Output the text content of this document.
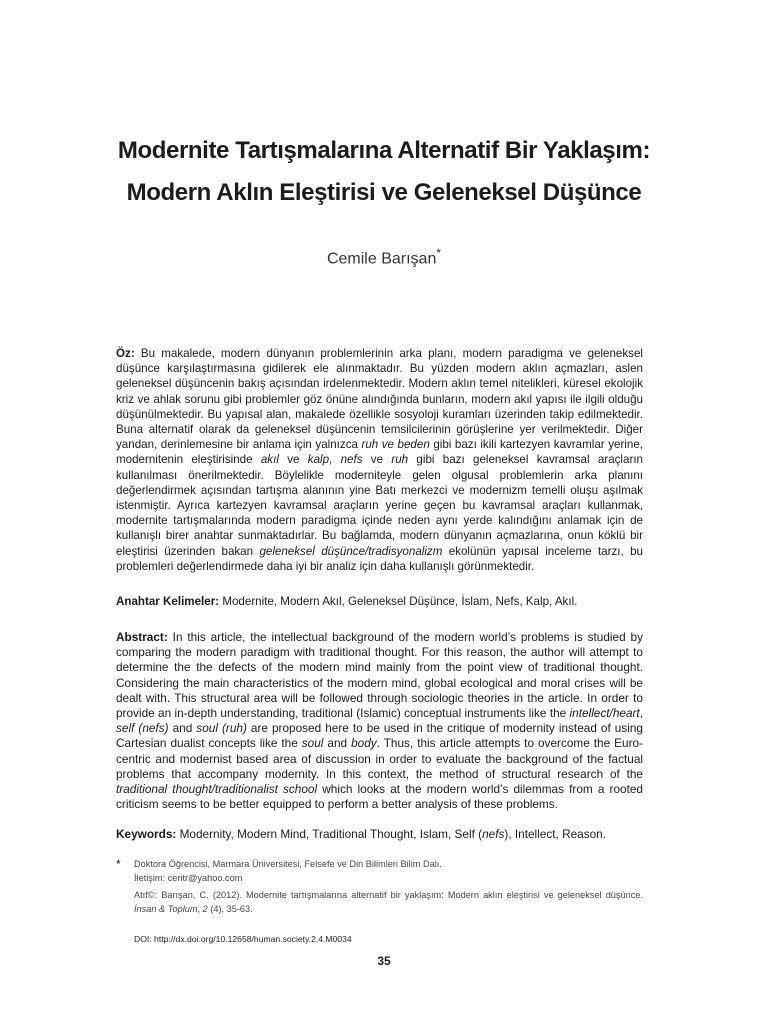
Modernite Tartışmalarına Alternatif Bir Yaklaşım:
Modern Aklın Eleştirisi ve Geleneksel Düşünce
Cemile Barışan*
Öz: Bu makalede, modern dünyanın problemlerinin arka planı, modern paradigma ve geleneksel düşünce karşılaştırmasına gidilerek ele alınmaktadır. Bu yüzden modern aklın açmazları, aslen geleneksel düşüncenin bakış açısından irdelenmektedir. Modern aklın temel nitelikleri, küresel ekolojik kriz ve ahlak sorunu gibi problemler göz önüne alındığında bunların, modern akıl yapısı ile ilgili olduğu düşünülmektedir. Bu yapısal alan, makalede özellikle sosyoloji kuramları üzerinden takip edilmektedir. Buna alternatif olarak da geleneksel düşüncenin temsilcilerinin görüşlerine yer verilmektedir. Diğer yandan, derinlemesine bir anlama için yalnızca ruh ve beden gibi bazı ikili kartezyen kavramlar yerine, modernitenin eleştirisinde akıl ve kalp, nefs ve ruh gibi bazı geleneksel kavramsal araçların kullanılması önerilmektedir. Böylelikle moderniteyle gelen olgusal problemlerin arka planını değerlendirmek açısından tartışma alanının yine Batı merkezci ve modernizm temelli oluşu aşılmak istenmiştir. Ayrıca kartezyen kavramsal araçların yerine geçen bu kavramsal araçları kullanmak, modernite tartışmalarında modern paradigma içinde neden aynı yerde kalındığını anlamak için de kullanışlı birer anahtar sunmaktadırlar. Bu bağlamda, modern dünyanın açmazlarına, onun köklü bir eleştirisi üzerinden bakan geleneksel düşünce/tradisyonalizm ekolünün yapısal inceleme tarzı, bu problemleri değerlendirmede daha iyi bir analiz için daha kullanışlı görünmektedir.
Anahtar Kelimeler: Modernite, Modern Akıl, Geleneksel Düşünce, İslam, Nefs, Kalp, Akıl.
Abstract: In this article, the intellectual background of the modern world’s problems is studied by comparing the modern paradigm with traditional thought. For this reason, the author will attempt to determine the the defects of the modern mind mainly from the point view of traditional thought. Considering the main characteristics of the modern mind, global ecological and moral crises will be dealt with. This structural area will be followed through sociologic theories in the article. In order to provide an in-depth understanding, traditional (Islamic) conceptual instruments like the intellect/heart, self (nefs) and soul (ruh) are proposed here to be used in the critique of modernity instead of using Cartesian dualist concepts like the soul and body. Thus, this article attempts to overcome the Euro-centric and modernist based area of discussion in order to evaluate the background of the factual problems that accompany modernity. In this context, the method of structural research of the traditional thought/traditionalist school which looks at the modern world’s dilemmas from a rooted criticism seems to be better equipped to perform a better analysis of these problems.
Keywords: Modernity, Modern Mind, Traditional Thought, Islam, Self (nefs), Intellect, Reason.
* Doktora Öğrencisi, Marmara Üniversitesi, Felsefe ve Din Bilimleri Bilim Dalı.
İletişim: ceritr@yahoo.com
Atıf©: Barışan, C. (2012). Modernite tartışmalarına alternatif bir yaklaşım: Modern aklın eleştirisi ve geleneksel düşünce. İnsan & Toplum, 2 (4), 35-63.
DOI: http://dx.doi.org/10.12658/human.society.2.4.M0034
35
